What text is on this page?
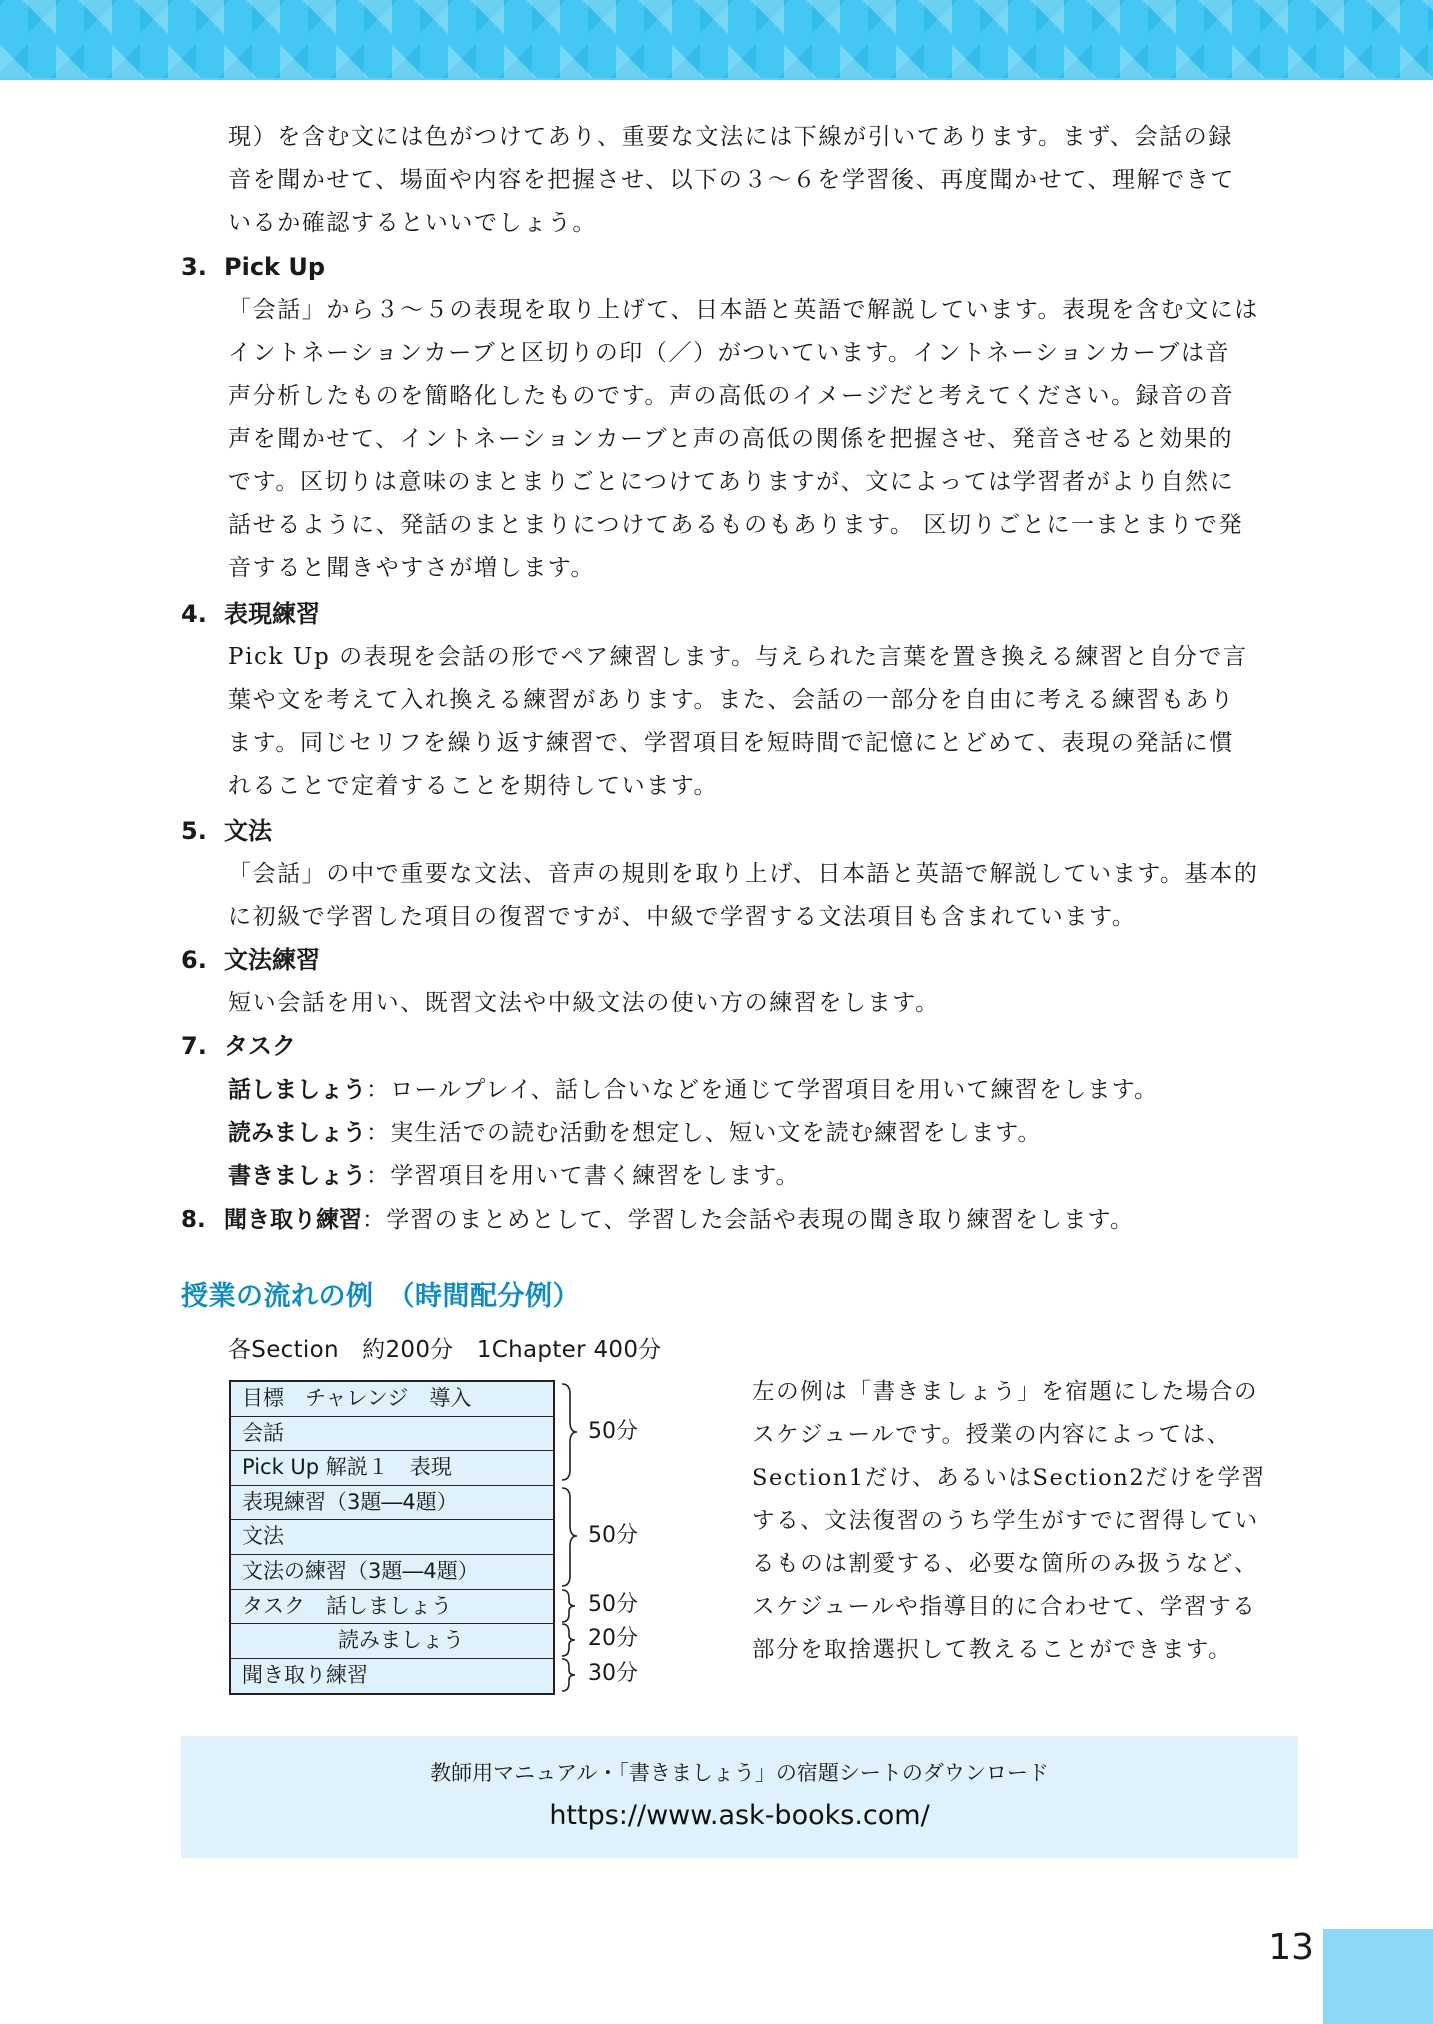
現）を含む文には色がつけてあり、重要な文法には下線が引いてあります。まず、会話の録
音を聞かせて、場面や内容を把握させ、以下の３～６を学習後、再度聞かせて、理解できて
いるか確認するといいでしょう。
3. Pick Up
「会話」から３～５の表現を取り上げて、日本語と英語で解説しています。表現を含む文には
イントネーションカーブと区切りの印（／）がついています。イントネーションカーブは音
声分析したものを簡略化したものです。声の高低のイメージだと考えてください。録音の音
声を聞かせて、イントネーションカーブと声の高低の関係を把握させ、発音させると効果的
です。区切りは意味のまとまりごとにつけてありますが、文によっては学習者がより自然に
話せるように、発話のまとまりにつけてあるものもあります。 区切りごとに一まとまりで発
音すると聞きやすさが増します。
4. 表現練習
Pick Up の表現を会話の形でペア練習します。与えられた言葉を置き換える練習と自分で言
葉や文を考えて入れ換える練習があります。また、会話の一部分を自由に考える練習もあり
ます。同じセリフを繰り返す練習で、学習項目を短時間で記憶にとどめて、表現の発話に慣
れることで定着することを期待しています。
5. 文法
「会話」の中で重要な文法、音声の規則を取り上げ、日本語と英語で解説しています。基本的
に初級で学習した項目の復習ですが、中級で学習する文法項目も含まれています。
6. 文法練習
短い会話を用い、既習文法や中級文法の使い方の練習をします。
7. タスク
話しましょう：ロールプレイ、話し合いなどを通じて学習項目を用いて練習をします。
読みましょう：実生活での読む活動を想定し、短い文を読む練習をします。
書きましょう：学習項目を用いて書く練習をします。
8. 聞き取り練習：学習のまとめとして、学習した会話や表現の聞き取り練習をします。
授業の流れの例　（時間配分例）
各Section　約200分　1Chapter 400分
目標　チャレンジ　導入
会話
Pick Up 解説１　表現
表現練習（3題―4題）
文法
文法の練習（3題―4題）
タスク　話しましょう
読みましょう
聞き取り練習
50分
50分
50分
20分
30分
左の例は「書きましょう」を宿題にした場合の
スケジュールです。授業の内容によっては、
Section1だけ、あるいはSection2だけを学習
する、文法復習のうち学生がすでに習得してい
るものは割愛する、必要な箇所のみ扱うなど、
スケジュールや指導目的に合わせて、学習する
部分を取捨選択して教えることができます。
教師用マニュアル・「書きましょう」の宿題シートのダウンロード
https://www.ask-books.com/
13
